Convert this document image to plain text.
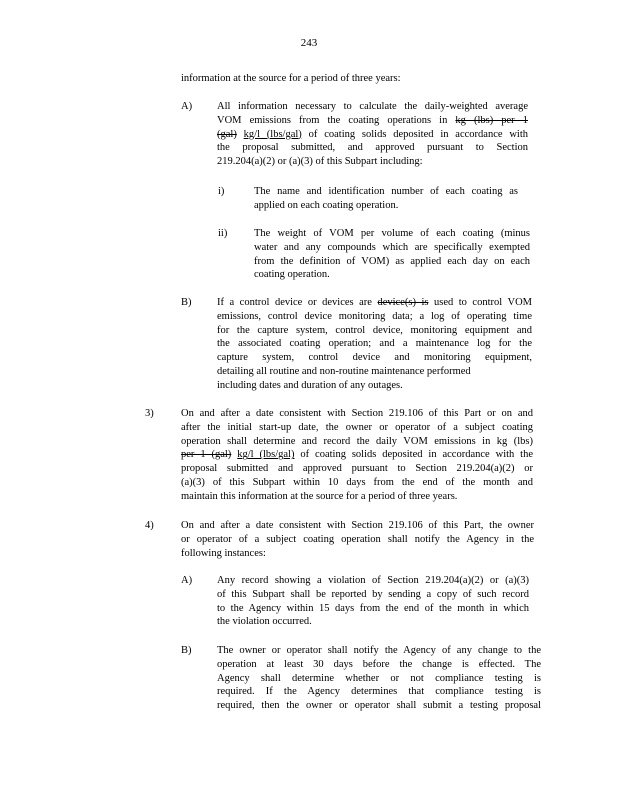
243
information at the source for a period of three years:
A) All information necessary to calculate the daily-weighted average
VOM emissions from the coating operations in kg (lbs) per 1
(gal) kg/l (lbs/gal) of coating solids deposited in accordance with
the proposal submitted, and approved pursuant to Section
219.204(a)(2) or (a)(3) of this Subpart including:
i)	The name and identification number of each coating as
applied on each coating operation.
ii)	The weight of VOM per volume of each coating (minus
water and any compounds which are specifically exempted
from the definition of VOM) as applied each day on each
coating operation.
B) If a control device or devices are device(s) is used to control VOM
emissions, control device monitoring data; a log of operating time
for the capture system, control device, monitoring equipment and
the associated coating operation; and a maintenance log for the
capture system, control device and monitoring equipment,
detailing all routine and non-routine maintenance performed
including dates and duration of any outages.
3)	On and after a date consistent with Section 219.106 of this Part or on and
after the initial start-up date, the owner or operator of a subject coating
operation shall determine and record the daily VOM emissions in kg (lbs)
per 1 (gal) kg/l (lbs/gal) of coating solids deposited in accordance with the
proposal submitted and approved pursuant to Section 219.204(a)(2) or
(a)(3) of this Subpart within 10 days from the end of the month and
maintain this information at the source for a period of three years.
4)	On and after a date consistent with Section 219.106 of this Part, the owner
or operator of a subject coating operation shall notify the Agency in the
following instances:
A) Any record showing a violation of Section 219.204(a)(2) or (a)(3)
of this Subpart shall be reported by sending a copy of such record
to the Agency within 15 days from the end of the month in which
the violation occurred.
B) The owner or operator shall notify the Agency of any change to the
operation at least 30 days before the change is effected. The
Agency shall determine whether or not compliance testing is
required. If the Agency determines that compliance testing is
required, then the owner or operator shall submit a testing proposal
